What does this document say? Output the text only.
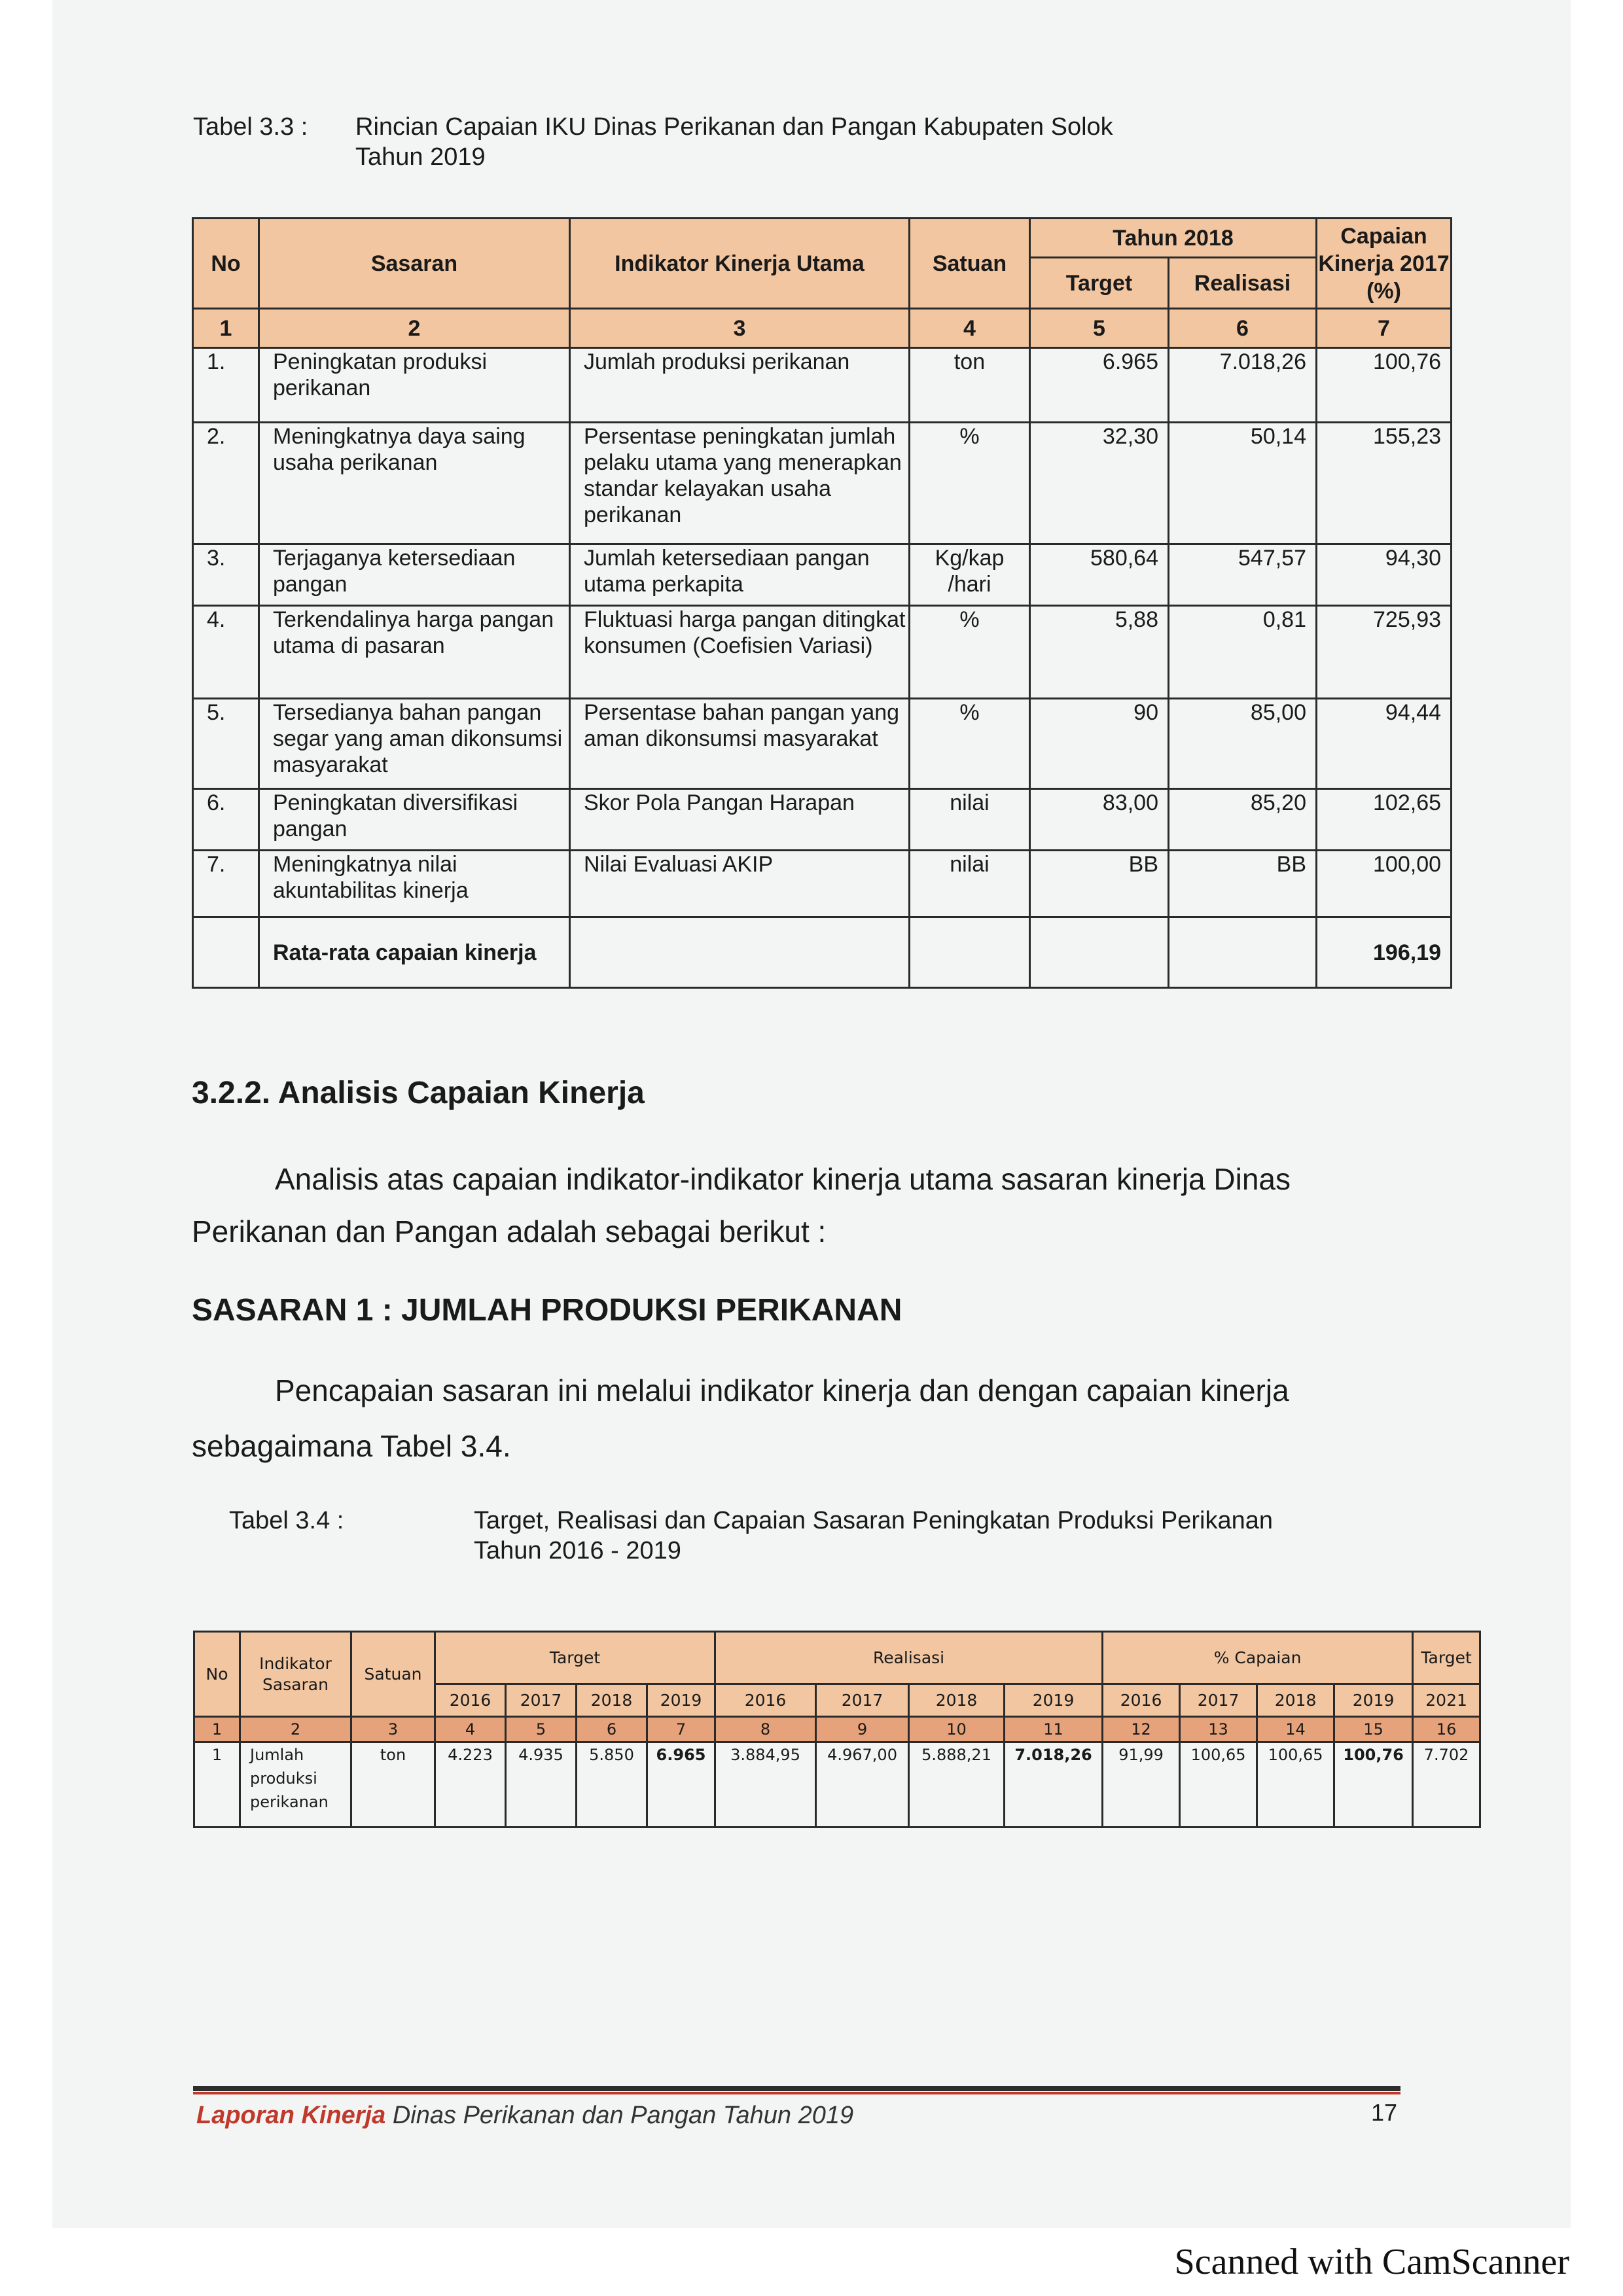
Tabel 3.3 : Rincian Capaian IKU Dinas Perikanan dan Pangan Kabupaten Solok
Tahun 2019
No	Sasaran	Indikator Kinerja Utama	Satuan	Tahun 2018		Capaian Kinerja 2017 (%)
				Target	Realisasi	
1	2	3	4	5	6	7
1.	Peningkatan produksi perikanan	Jumlah produksi perikanan	ton	6.965	7.018,26	100,76
2.	Meningkatnya daya saing usaha perikanan	Persentase peningkatan jumlah pelaku utama yang menerapkan standar kelayakan usaha perikanan	%	32,30	50,14	155,23
3.	Terjaganya ketersediaan pangan	Jumlah ketersediaan pangan utama perkapita	Kg/kap /hari	580,64	547,57	94,30
4.	Terkendalinya harga pangan utama di pasaran	Fluktuasi harga pangan ditingkat konsumen (Coefisien Variasi)	%	5,88	0,81	725,93
5.	Tersedianya bahan pangan segar yang aman dikonsumsi masyarakat	Persentase bahan pangan yang aman dikonsumsi masyarakat	%	90	85,00	94,44
6.	Peningkatan diversifikasi pangan	Skor Pola Pangan Harapan	nilai	83,00	85,20	102,65
7.	Meningkatnya nilai akuntabilitas kinerja	Nilai Evaluasi AKIP	nilai	BB	BB	100,00
	Rata-rata capaian kinerja					196,19
3.2.2. Analisis Capaian Kinerja
Analisis atas capaian indikator-indikator kinerja utama sasaran kinerja Dinas
Perikanan dan Pangan adalah sebagai berikut :
SASARAN 1 : JUMLAH PRODUKSI PERIKANAN
Pencapaian sasaran ini melalui indikator kinerja dan dengan capaian kinerja
sebagaimana Tabel 3.4.
Tabel 3.4 :	Target, Realisasi dan Capaian Sasaran Peningkatan Produksi Perikanan
Tahun 2016 - 2019
No	Indikator Sasaran	Satuan	Target				Realisasi				% Capaian				Target
			2016	2017	2018	2019	2016	2017	2018	2019	2016	2017	2018	2019	2021
1	2	3	4	5	6	7	8	9	10	11	12	13	14	15	16
1	Jumlah produksi perikanan	ton	4.223	4.935	5.850	6.965	3.884,95	4.967,00	5.888,21	7.018,26	91,99	100,65	100,65	100,76	7.702
Laporan Kinerja Dinas Perikanan dan Pangan Tahun 2019	17
Scanned with CamScanner
